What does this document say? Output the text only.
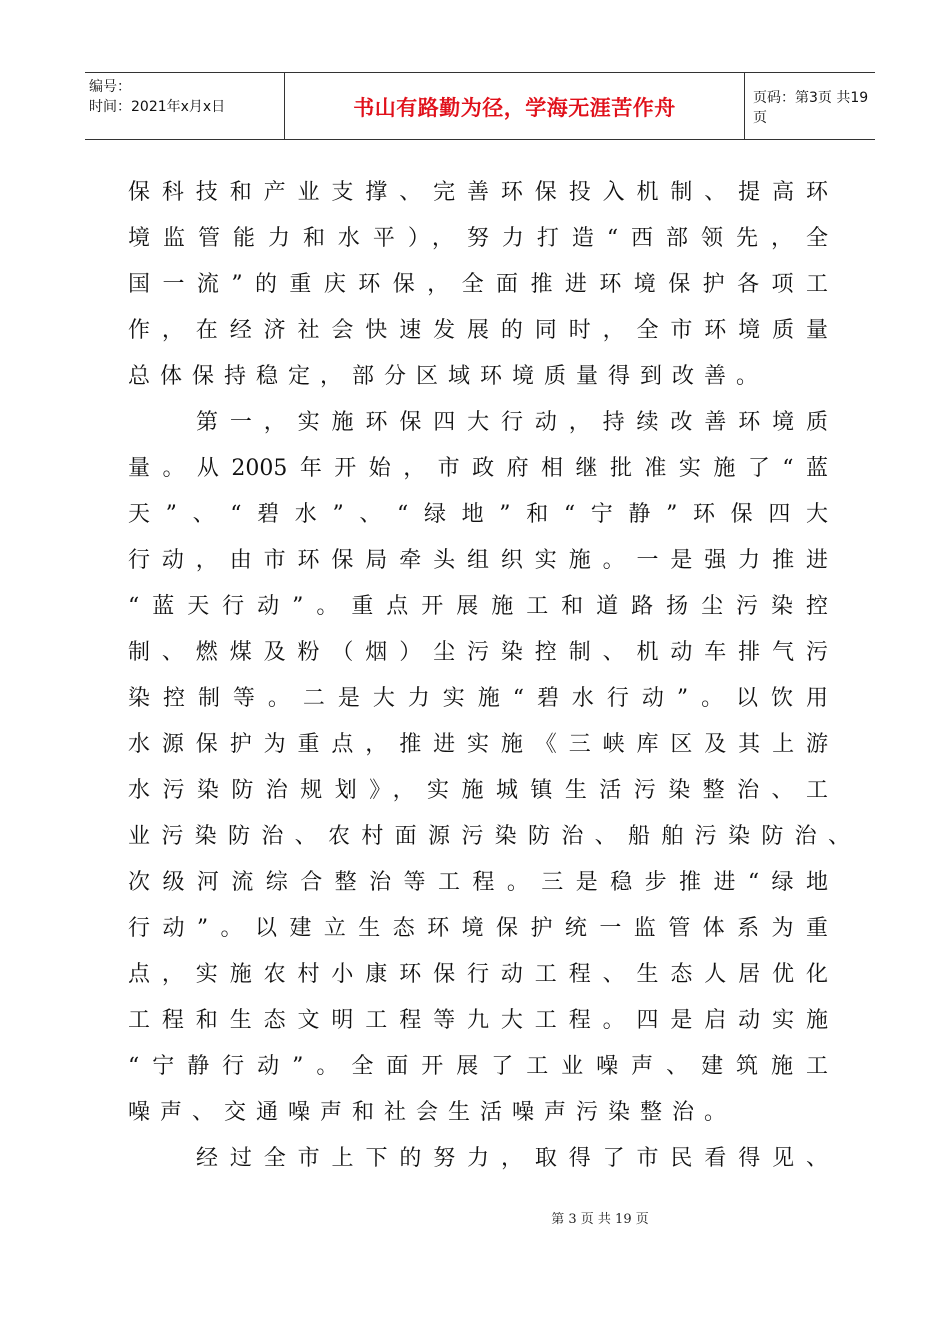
编号：
时间：2021年x月x日	书山有路勤为径，学海无涯苦作舟	页码：第3页 共19页
保科技和产业支撑、完善环保投入机制、提高环
境监管能力和水平），努力打造“西部领先，全
国一流”的重庆环保，全面推进环境保护各项工
作，在经济社会快速发展的同时，全市环境质量
总体保持稳定，部分区域环境质量得到改善。
第一，实施环保四大行动，持续改善环境质
量。从2005年开始，市政府相继批准实施了“蓝
天”、“碧水”、“绿地”和“宁静”环保四大
行动，由市环保局牵头组织实施。一是强力推进
“蓝天行动”。重点开展施工和道路扬尘污染控
制、燃煤及粉（烟）尘污染控制、机动车排气污
染控制等。二是大力实施“碧水行动”。以饮用
水源保护为重点，推进实施《三峡库区及其上游
水污染防治规划》，实施城镇生活污染整治、工
业污染防治、农村面源污染防治、船舶污染防治、
次级河流综合整治等工程。三是稳步推进“绿地
行动”。以建立生态环境保护统一监管体系为重
点，实施农村小康环保行动工程、生态人居优化
工程和生态文明工程等九大工程。四是启动实施
“宁静行动”。全面开展了工业噪声、建筑施工
噪声、交通噪声和社会生活噪声污染整治。
经过全市上下的努力，取得了市民看得见、
第 3 页 共 19 页
